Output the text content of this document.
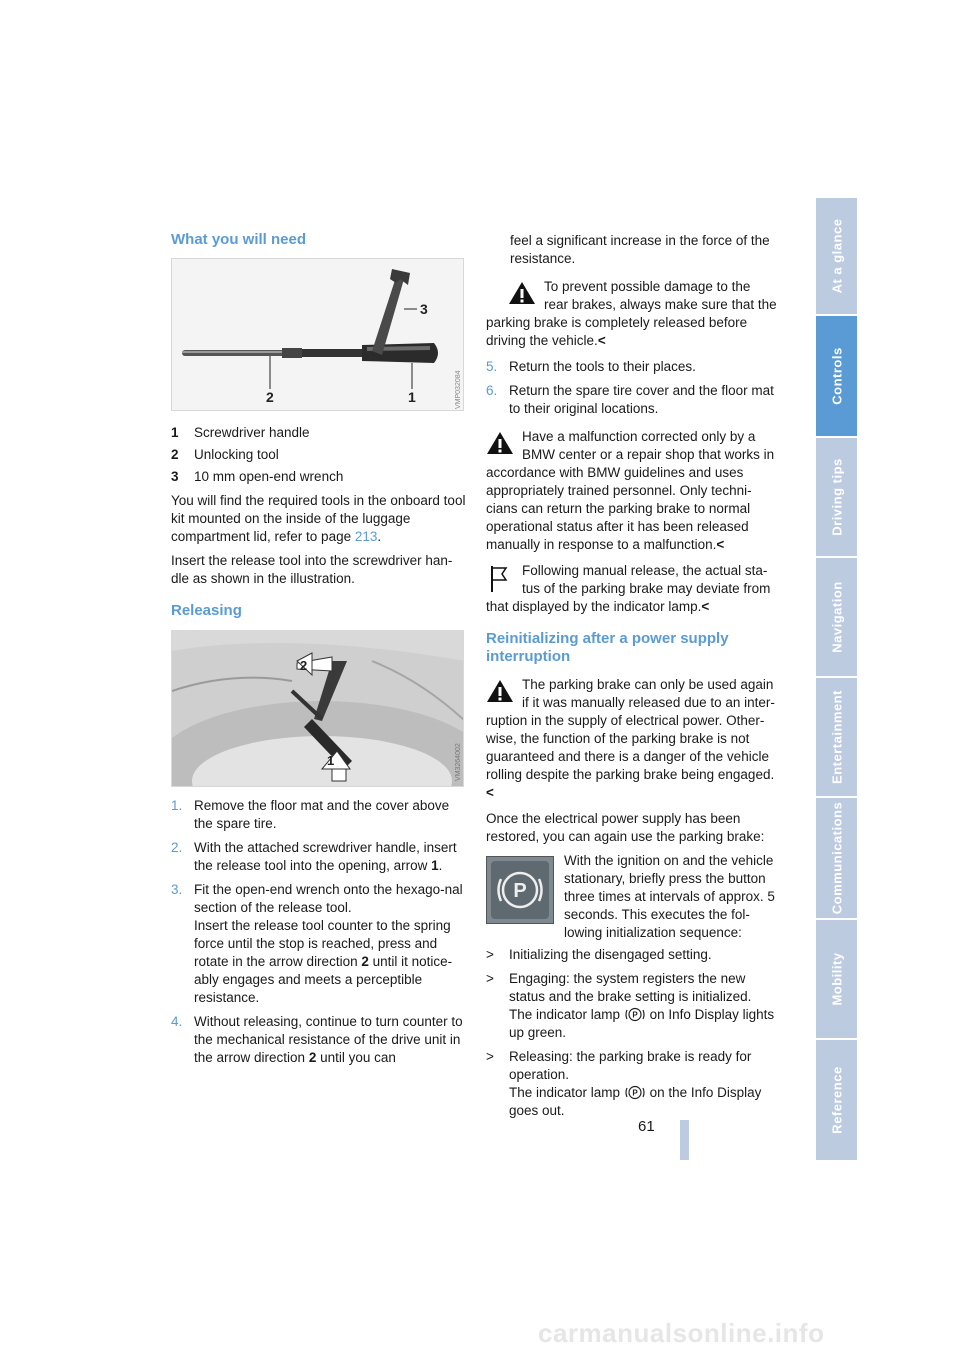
What you will need
3
2	1	VMP032084
1 Screwdriver handle
2 Unlocking tool
3 10 mm open-end wrench

You will find the required tools in the onboard tool kit mounted on the inside of the luggage compartment lid, refer to page 213.

Insert the release tool into the screwdriver han-dle as shown in the illustration.

Releasing
2
1	VM3264002
1. Remove the floor mat and the cover above the spare tire.
2. With the attached screwdriver handle, insert the release tool into the opening, arrow 1.
3. Fit the open-end wrench onto the hexago-nal section of the release tool.
Insert the release tool counter to the spring force until the stop is reached, press and rotate in the arrow direction 2 until it notice-ably engages and meets a perceptible resistance.
4. Without releasing, continue to turn counter to the mechanical resistance of the drive unit in the arrow direction 2 until you can

feel a significant increase in the force of the resistance.

To prevent possible damage to the rear brakes, always make sure that the parking brake is completely released before driving the vehicle.<
5. Return the tools to their places.
6. Return the spare tire cover and the floor mat to their original locations.
Have a malfunction corrected only by a BMW center or a repair shop that works in accordance with BMW guidelines and uses appropriately trained personnel. Only techni-cians can return the parking brake to normal operational status after it has been released manually in response to a malfunction.<
Following manual release, the actual sta-tus of the parking brake may deviate from that displayed by the indicator lamp.<
Reinitializing after a power supply interruption
The parking brake can only be used again if it was manually released due to an inter-ruption in the supply of electrical power. Other-wise, the function of the parking brake is not guaranteed and there is a danger of the vehicle rolling despite the parking brake being engaged.<

Once the electrical power supply has been restored, you can again use the parking brake:

P
With the ignition on and the vehicle stationary, briefly press the button three times at intervals of approx. 5 seconds. This executes the fol-lowing initialization sequence:
> Initializing the disengaged setting.
> Engaging: the system registers the new status and the brake setting is initialized.
The indicator lamp P on Info Display lights up green.
> Releasing: the parking brake is ready for operation.
The indicator lamp P on the Info Display goes out.
61
At a glance
Controls
Driving tips
Navigation
Entertainment
Communications
Mobility
Reference
carmanualsonline.info
